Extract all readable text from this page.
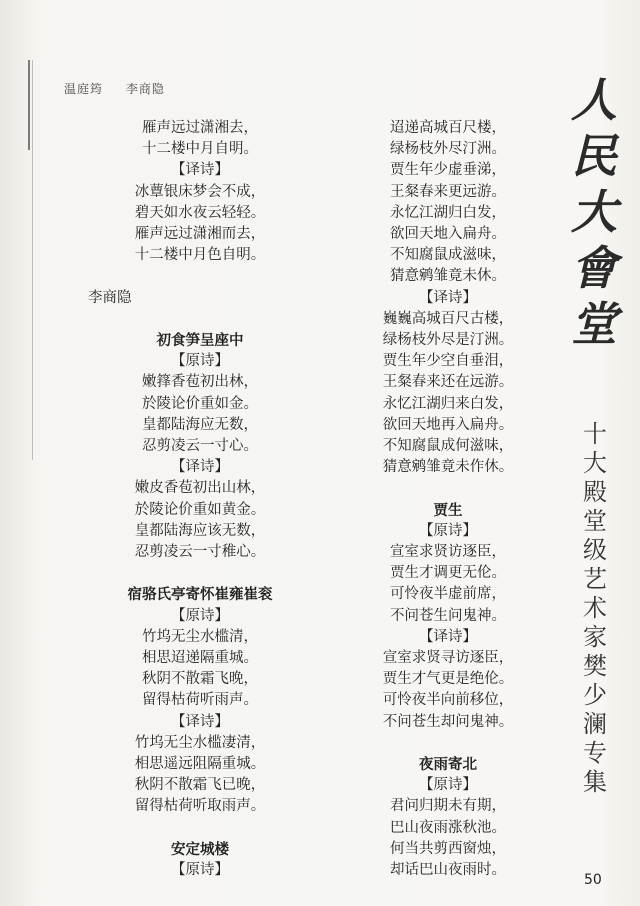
温庭筠 李商隐
雁声远过潇湘去，
十二楼中月自明。
【译诗】
冰蕈银床梦会不成，
碧天如水夜云轻轻。
雁声远过潇湘而去，
十二楼中月色自明。
李商隐
初食笋呈座中
【原诗】
嫩箨香苞初出林，
於陵论价重如金。
皇都陆海应无数，
忍剪凌云一寸心。
【译诗】
嫩皮香苞初出山林，
於陵论价重如黄金。
皇都陆海应该无数，
忍剪凌云一寸稚心。
宿骆氏亭寄怀崔雍崔衮
【原诗】
竹坞无尘水槛清，
相思迢递隔重城。
秋阴不散霜飞晚，
留得枯荷听雨声。
【译诗】
竹坞无尘水槛凄清，
相思遥远阻隔重城。
秋阴不散霜飞已晚，
留得枯荷听取雨声。
安定城楼
【原诗】
迢递高城百尺楼，
绿杨枝外尽汀洲。
贾生年少虚垂涕，
王粲春来更远游。
永忆江湖归白发，
欲回天地入扁舟。
不知腐鼠成滋味，
猜意鹓雏竟未休。
【译诗】
巍巍高城百尺古楼，
绿杨枝外尽是汀洲。
贾生年少空自垂泪，
王粲春来还在远游。
永忆江湖归来白发，
欲回天地再入扁舟。
不知腐鼠成何滋味，
猜意鹓雏竟未作休。
贾生
【原诗】
宣室求贤访逐臣，
贾生才调更无伦。
可怜夜半虚前席，
不问苍生问鬼神。
【译诗】
宣室求贤寻访逐臣，
贾生才气更是绝伦。
可怜夜半向前移位，
不问苍生却问鬼神。
夜雨寄北
【原诗】
君问归期未有期，
巴山夜雨涨秋池。
何当共剪西窗烛，
却话巴山夜雨时。
人
民
大
會
堂
十
大
殿
堂
级
艺
术
家
樊
少
澜
专
集
50
